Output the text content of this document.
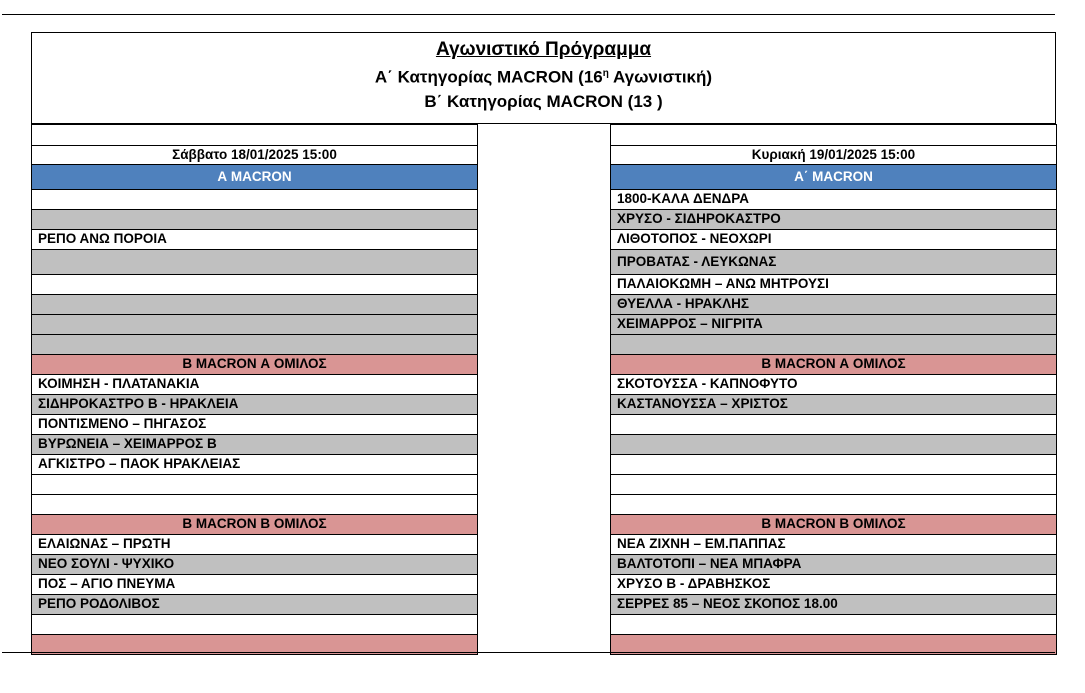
Αγωνιστικό Πρόγραμμα
Α΄ Κατηγορίας MACRON ($16^\eta$ Αγωνιστική)
Β΄ Κατηγορίας MACRON (13 )
Σάββατο 18/01/2025 15:00
Α MACRON
ΡΕΠΟ ΑΝΩ ΠΟΡΟΙΑ
Β MACRON Α ΟΜΙΛΟΣ
ΚΟΙΜΗΣΗ - ΠΛΑΤΑΝΑΚΙΑ
ΣΙΔΗΡΟΚΑΣΤΡΟ Β - ΗΡΑΚΛΕΙΑ
ΠΟΝΤΙΣΜΕΝΟ – ΠΗΓΑΣΟΣ
ΒΥΡΩΝΕΙΑ – ΧΕΙΜΑΡΡΟΣ Β
ΑΓΚΙΣΤΡΟ – ΠΑΟΚ ΗΡΑΚΛΕΙΑΣ
Β MACRON Β ΟΜΙΛΟΣ
ΕΛΑΙΩΝΑΣ – ΠΡΩΤΗ
ΝΕΟ ΣΟΥΛΙ - ΨΥΧΙΚΟ
ΠΟΣ – ΑΓΙΟ ΠΝΕΥΜΑ
ΡΕΠΟ ΡΟΔΟΛΙΒΟΣ
Κυριακή 19/01/2025 15:00
Α΄ MACRON
1800-ΚΑΛΑ ΔΕΝΔΡΑ
ΧΡΥΣΟ - ΣΙΔΗΡΟΚΑΣΤΡΟ
ΛΙΘΟΤΟΠΟΣ - ΝΕΟΧΩΡΙ
ΠΡΟΒΑΤΑΣ - ΛΕΥΚΩΝΑΣ
ΠΑΛΑΙΟΚΩΜΗ – ΑΝΩ ΜΗΤΡΟΥΣΙ
ΘΥΕΛΛΑ - ΗΡΑΚΛΗΣ
ΧΕΙΜΑΡΡΟΣ – ΝΙΓΡΙΤΑ
Β MACRON Α ΟΜΙΛΟΣ
ΣΚΟΤΟΥΣΣΑ - ΚΑΠΝΟΦΥΤΟ
ΚΑΣΤΑΝΟΥΣΣΑ – ΧΡΙΣΤΟΣ
Β MACRON Β ΟΜΙΛΟΣ
ΝΕΑ ΖΙΧΝΗ – ΕΜ.ΠΑΠΠΑΣ
ΒΑΛΤΟΤΟΠΙ – ΝΕΑ ΜΠΑΦΡΑ
ΧΡΥΣΟ Β - ΔΡΑΒΗΣΚΟΣ
ΣΕΡΡΕΣ 85 – ΝΕΟΣ ΣΚΟΠΟΣ 18.00
